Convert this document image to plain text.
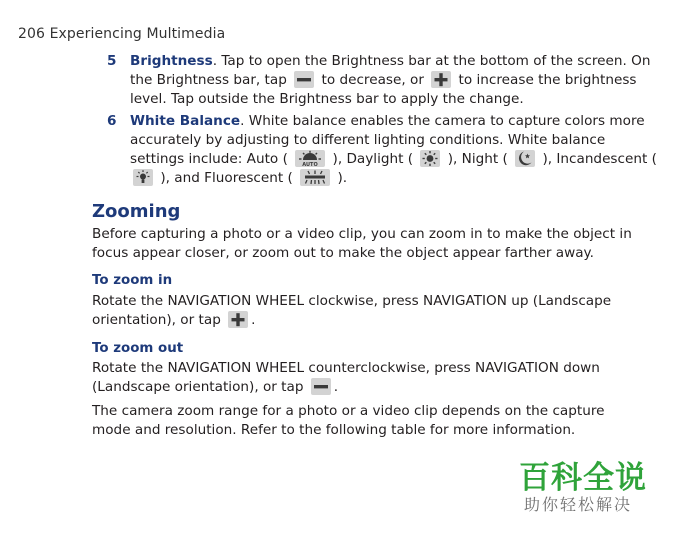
206 Experiencing Multimedia
5 Brightness. Tap to open the Brightness bar at the bottom of the screen. On the Brightness bar, tap
to decrease, or
to increase the brightness level. Tap outside the Brightness bar to apply the change.
6 White Balance. White balance enables the camera to capture colors more accurately by adjusting to different lighting conditions. White balance settings include: Auto ( AUTO ), Daylight (
), Night (
), Incandescent (
), and Fluorescent (	).
Zooming

Before capturing a photo or a video clip, you can zoom in to make the object in focus appear closer, or zoom out to make the object appear farther away.

To zoom in

Rotate the NAVIGATION WHEEL clockwise, press NAVIGATION up (Landscape orientation), or tap
.

To zoom out

Rotate the NAVIGATION WHEEL counterclockwise, press NAVIGATION down (Landscape orientation), or tap
.

The camera zoom range for a photo or a video clip depends on the capture mode and resolution. Refer to the following table for more information.

百科全说
助你轻松解决
